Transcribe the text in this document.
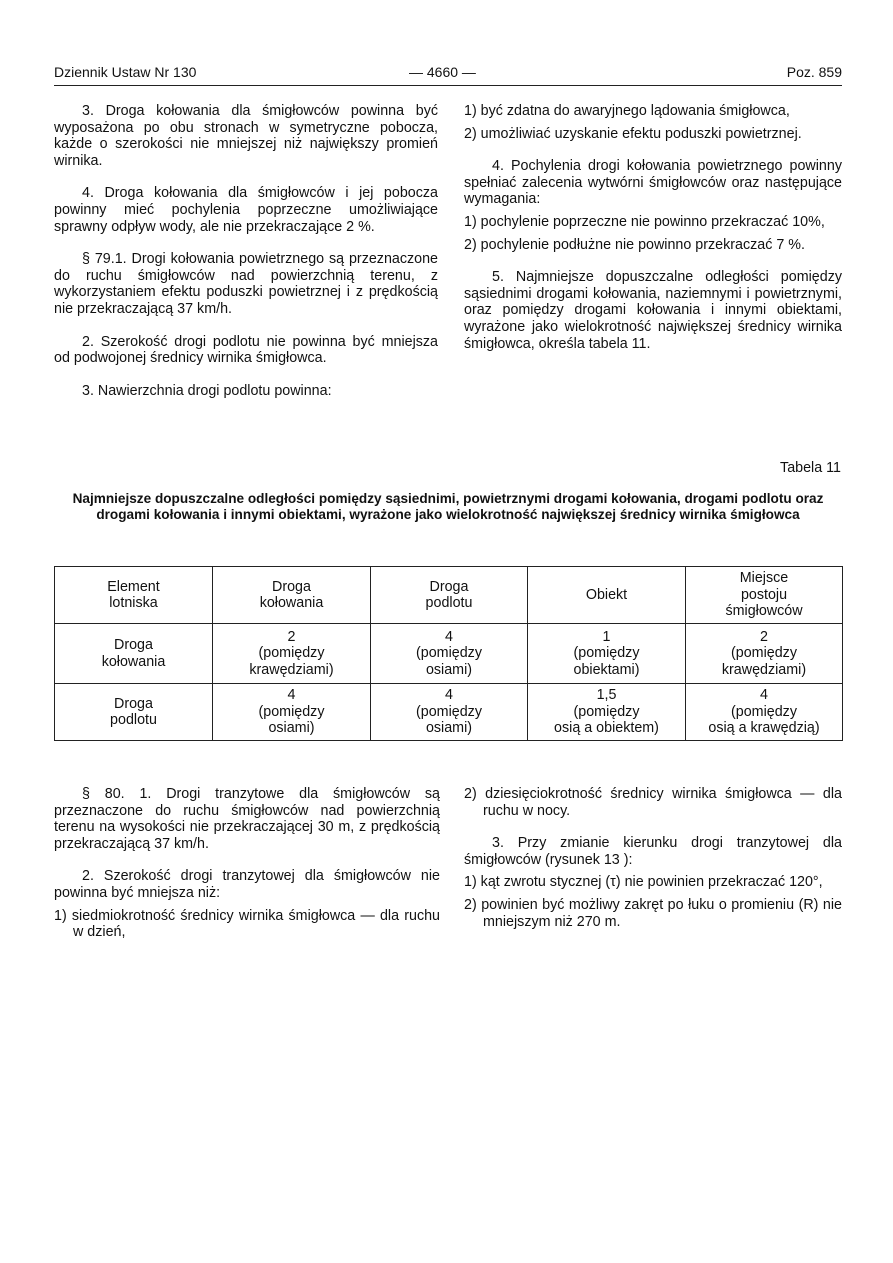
Dziennik Ustaw Nr 130	— 4660 —	Poz. 859

3. Droga kołowania dla śmigłowców powinna być wyposażona po obu stronach w symetryczne pobocza, każde o szerokości nie mniejszej niż największy promień wirnika.

4. Droga kołowania dla śmigłowców i jej pobocza powinny mieć pochylenia poprzeczne umożliwiające sprawny odpływ wody, ale nie przekraczające 2 %.

§ 79.1. Drogi kołowania powietrznego są przeznaczone do ruchu śmigłowców nad powierzchnią terenu, z wykorzystaniem efektu poduszki powietrznej i z prędkością nie przekraczającą 37 km/h.

2. Szerokość drogi podlotu nie powinna być mniejsza od podwojonej średnicy wirnika śmigłowca.

3. Nawierzchnia drogi podlotu powinna:

1) być zdatna do awaryjnego lądowania śmigłowca,

2) umożliwiać uzyskanie efektu poduszki powietrznej.

4. Pochylenia drogi kołowania powietrznego powinny spełniać zalecenia wytwórni śmigłowców oraz następujące wymagania:

1) pochylenie poprzeczne nie powinno przekraczać 10%,

2) pochylenie podłużne nie powinno przekraczać 7 %.

5. Najmniejsze dopuszczalne odległości pomiędzy sąsiednimi drogami kołowania, naziemnymi i powietrznymi, oraz pomiędzy drogami kołowania i innymi obiektami, wyrażone jako wielokrotność największej średnicy wirnika śmigłowca, określa tabela 11.

Tabela 11
Najmniejsze dopuszczalne odległości pomiędzy sąsiednimi, powietrznymi drogami kołowania, drogami podlotu oraz drogami kołowania i innymi obiektami, wyrażone jako wielokrotność największej średnicy wirnika śmigłowca
Element
lotniska	Droga
kołowania	Droga
podlotu	Obiekt	Miejsce
postoju
śmigłowców

Droga
kołowania	2
(pomiędzy
krawędziami)	4
(pomiędzy
osiami)	1
(pomiędzy
obiektami)	2
(pomiędzy
krawędziami)

Droga
podlotu	4
(pomiędzy
osiami)	4
(pomiędzy
osiami)	1,5
(pomiędzy
osią a obiektem)	4
(pomiędzy
osią a krawędzią)

§ 80. 1. Drogi tranzytowe dla śmigłowców są przeznaczone do ruchu śmigłowców nad powierzchnią terenu na wysokości nie przekraczającej 30 m, z prędkością przekraczającą 37 km/h.

2. Szerokość drogi tranzytowej dla śmigłowców nie powinna być mniejsza niż:

1) siedmiokrotność średnicy wirnika śmigłowca — dla ruchu w dzień,

2) dziesięciokrotność średnicy wirnika śmigłowca — dla ruchu w nocy.

3. Przy zmianie kierunku drogi tranzytowej dla śmigłowców (rysunek 13 ):

1) kąt zwrotu stycznej (τ) nie powinien przekraczać 120°,

2) powinien być możliwy zakręt po łuku o promieniu (R) nie mniejszym niż 270 m.
